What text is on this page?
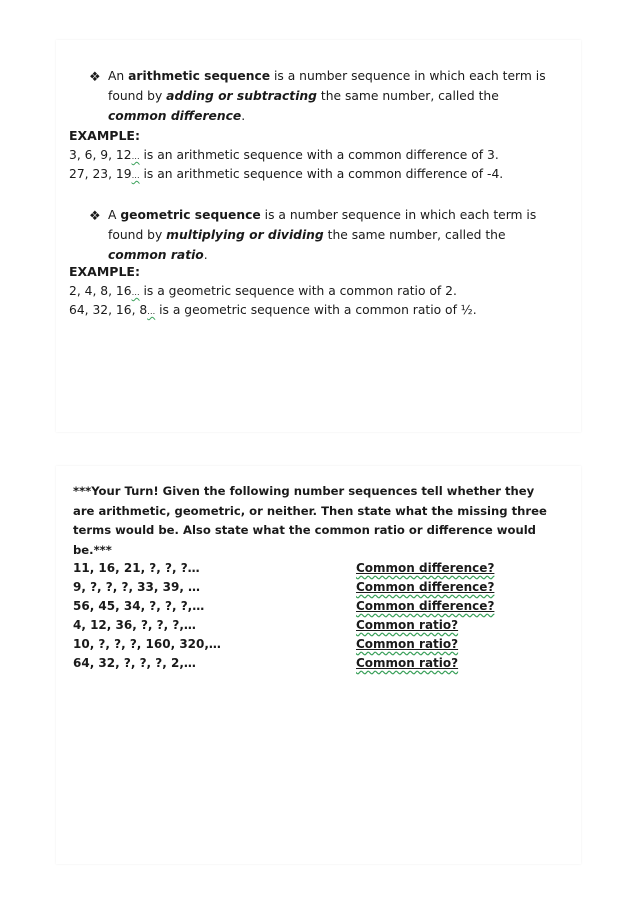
❖ An arithmetic sequence is a number sequence in which each term is found by adding or subtracting the same number, called the common difference.
EXAMPLE:
3, 6, 9, 12… is an arithmetic sequence with a common difference of 3.
27, 23, 19… is an arithmetic sequence with a common difference of -4.
❖ A geometric sequence is a number sequence in which each term is found by multiplying or dividing the same number, called the common ratio.
EXAMPLE:
2, 4, 8, 16… is a geometric sequence with a common ratio of 2.
64, 32, 16, 8… is a geometric sequence with a common ratio of ½.
***Your Turn! Given the following number sequences tell whether they are arithmetic, geometric, or neither. Then state what the missing three terms would be. Also state what the common ratio or difference would be.***
11, 16, 21, ?, ?, ?…	Common difference?
9, ?, ?, ?, 33, 39, …	Common difference?
56, 45, 34, ?, ?, ?,…	Common difference?
4, 12, 36, ?, ?, ?,…	Common ratio?
10, ?, ?, ?, 160, 320,…	Common ratio?
64, 32, ?, ?, ?, 2,…	Common ratio?
